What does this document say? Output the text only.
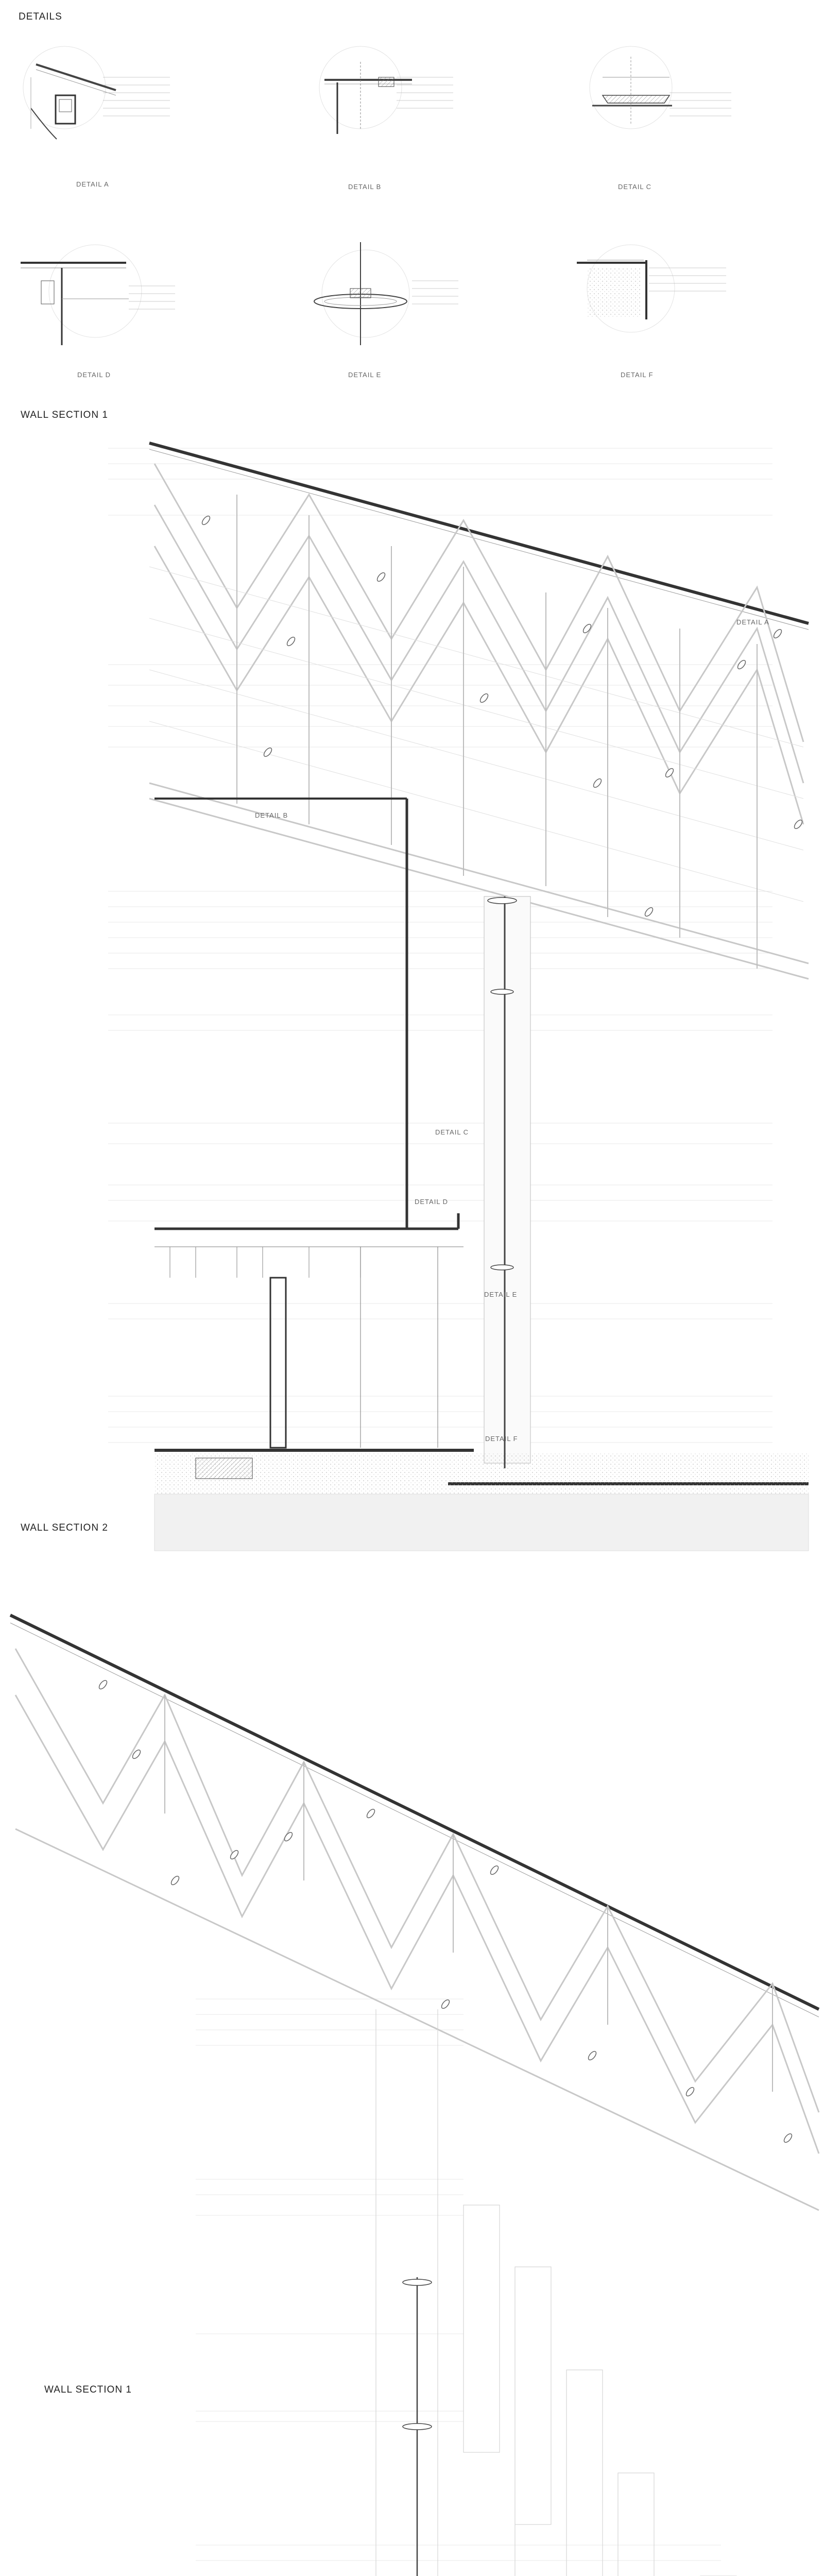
DETAILS
DETAIL A	DETAIL B	DETAIL C
DETAIL D	DETAIL E	DETAIL F
WALL SECTION 1
DETAIL A
DETAIL B
DETAIL C
DETAIL D
DETAIL E
DETAIL F
WALL SECTION 2
WALL SECTION 1
